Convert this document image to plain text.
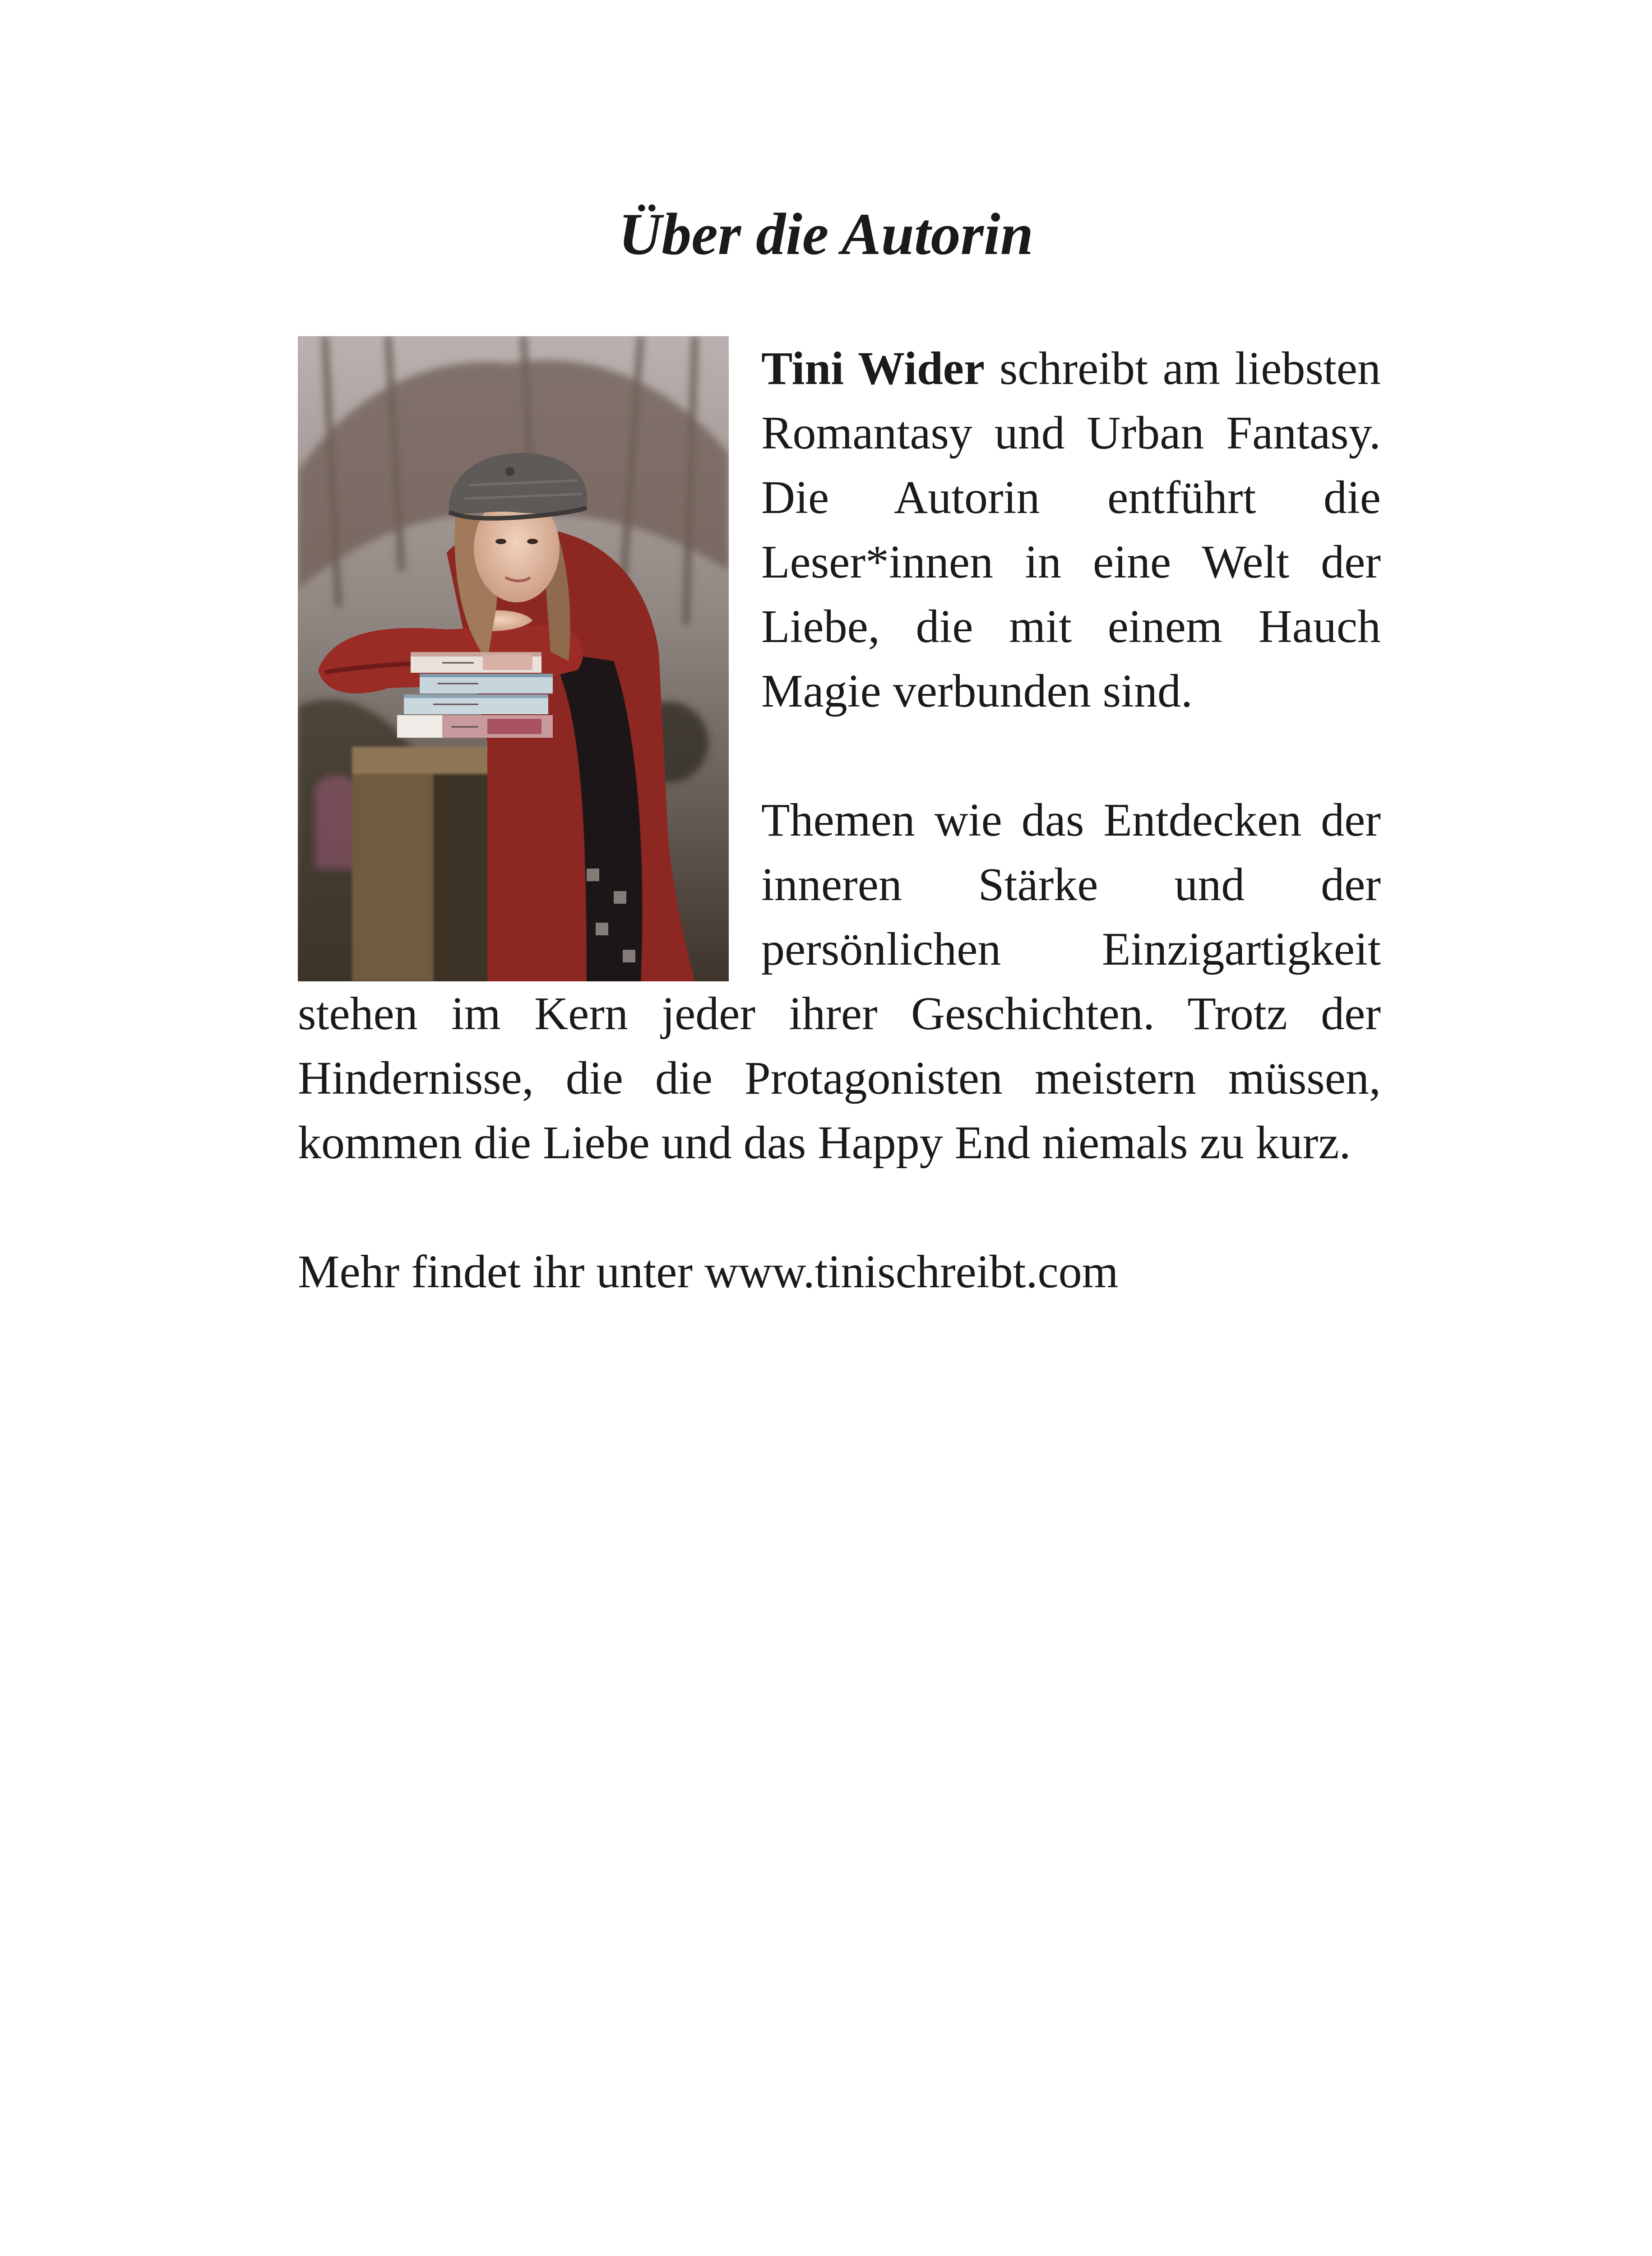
Über die Autorin

Tini Wider schreibt am liebsten Romantasy und Urban Fantasy. Die Autorin entführt die Leser*innen in eine Welt der Liebe, die mit einem Hauch Magie verbunden sind.

Themen wie das Entdecken der inneren Stärke und der persönlichen Einzigartigkeit stehen im Kern jeder ihrer Geschichten. Trotz der Hindernisse, die die Protagonisten meistern müssen, kommen die Liebe und das Happy End niemals zu kurz.

Mehr findet ihr unter www.tinischreibt.com
